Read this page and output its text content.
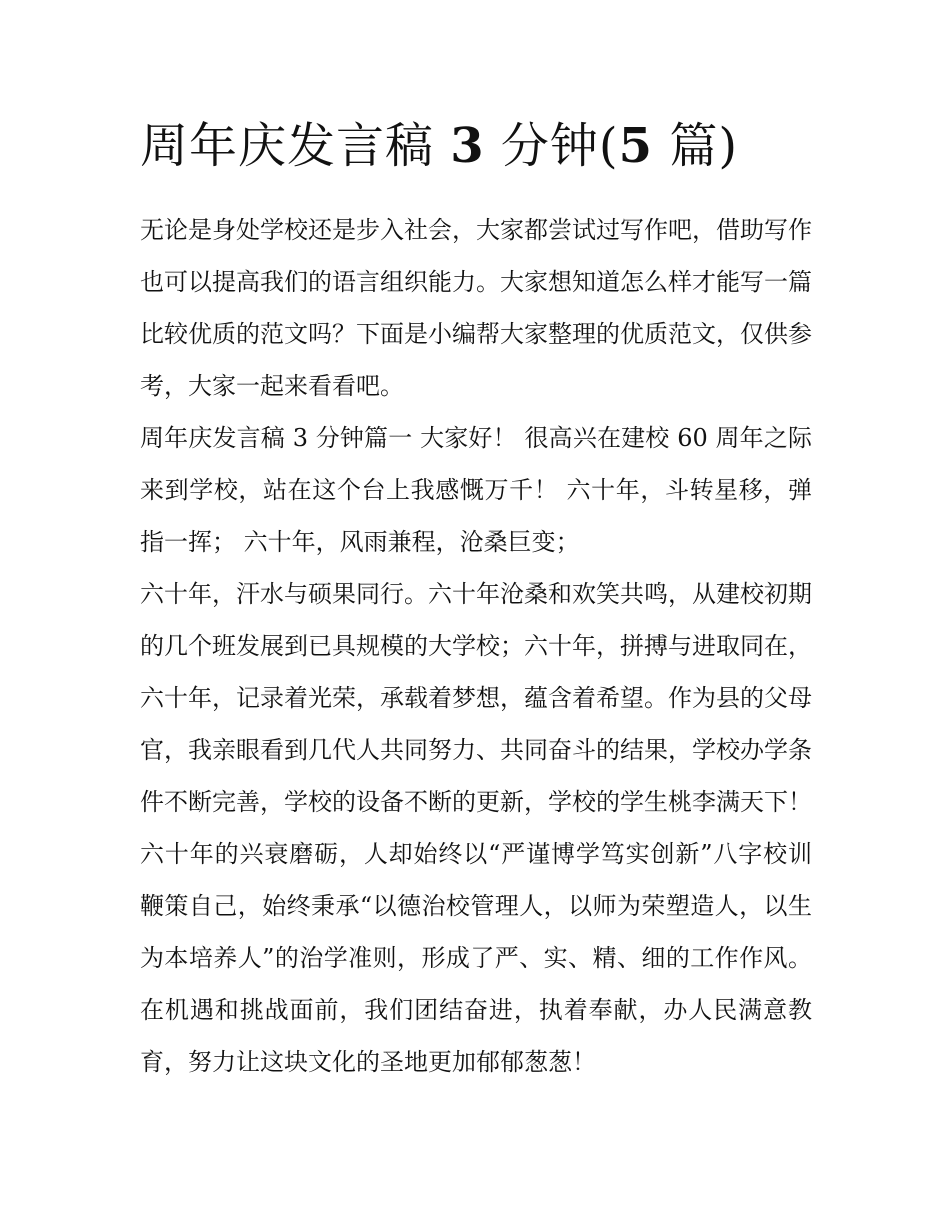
周年庆发言稿 3 分钟(5 篇)

无论是身处学校还是步入社会，大家都尝试过写作吧，借助写作也可以提高我们的语言组织能力。大家想知道怎么样才能写一篇比较优质的范文吗？下面是小编帮大家整理的优质范文，仅供参考，大家一起来看看吧。

周年庆发言稿 3 分钟篇一 大家好！ 很高兴在建校 60 周年之际来到学校，站在这个台上我感慨万千！ 六十年，斗转星移，弹指一挥； 六十年，风雨兼程，沧桑巨变；

六十年，汗水与硕果同行。六十年沧桑和欢笑共鸣，从建校初期的几个班发展到已具规模的大学校；六十年，拼搏与进取同在，六十年，记录着光荣，承载着梦想，蕴含着希望。作为县的父母官，我亲眼看到几代人共同努力、共同奋斗的结果，学校办学条件不断完善，学校的设备不断的更新，学校的学生桃李满天下！

六十年的兴衰磨砺，人却始终以“严谨博学笃实创新”八字校训鞭策自己，始终秉承“以德治校管理人，以师为荣塑造人，以生为本培养人”的治学准则，形成了严、实、精、细的工作作风。在机遇和挑战面前，我们团结奋进，执着奉献，办人民满意教育，努力让这块文化的圣地更加郁郁葱葱！
